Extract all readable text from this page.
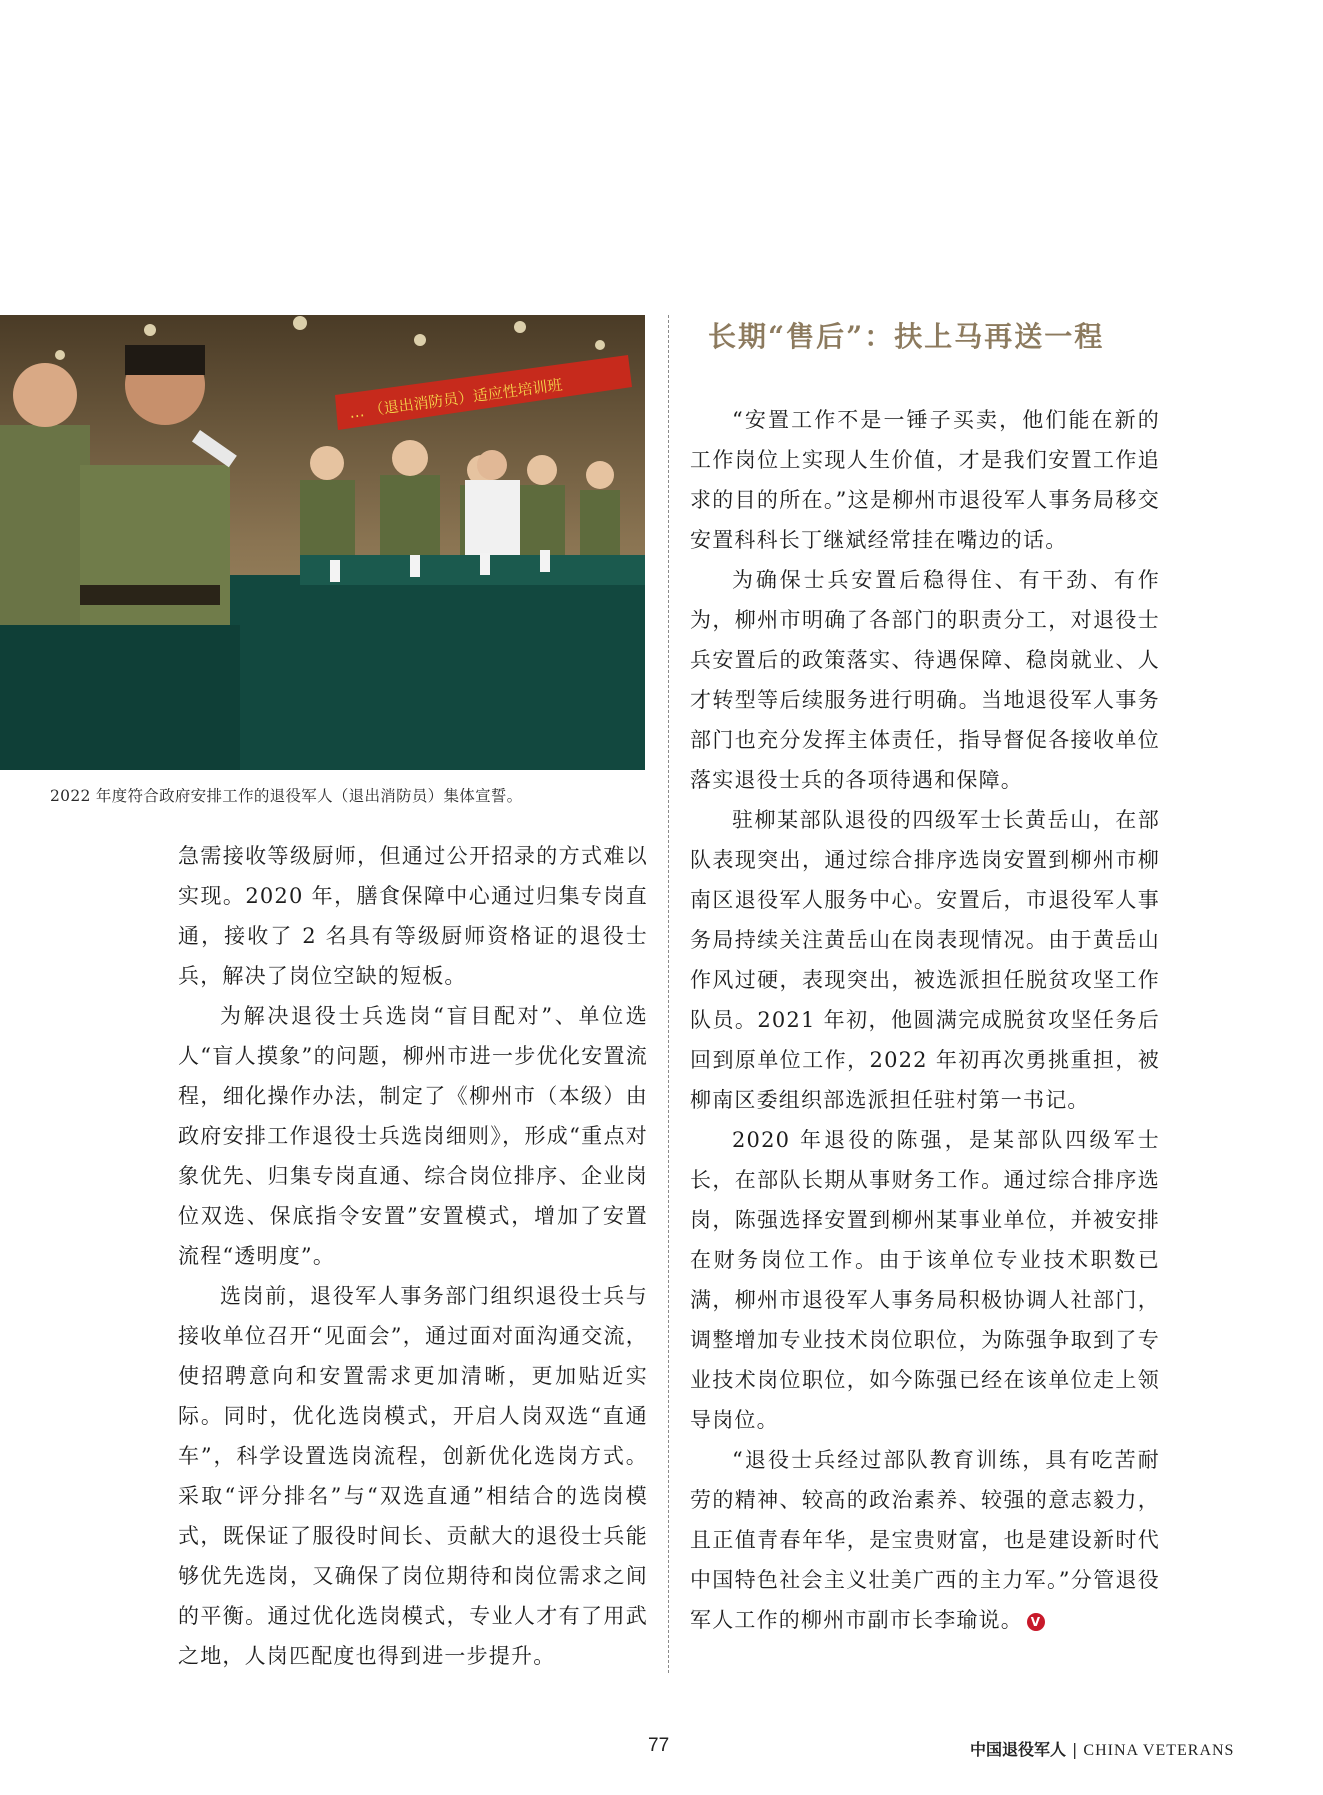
… （退出消防员）适应性培训班
2022 年度符合政府安排工作的退役军人（退出消防员）集体宣誓。

急需接收等级厨师，但通过公开招录的方式难以实现。2020 年，膳食保障中心通过归集专岗直通，接收了 2 名具有等级厨师资格证的退役士兵，解决了岗位空缺的短板。

为解决退役士兵选岗“盲目配对”、单位选人“盲人摸象”的问题，柳州市进一步优化安置流程，细化操作办法，制定了《柳州市（本级）由政府安排工作退役士兵选岗细则》，形成“重点对象优先、归集专岗直通、综合岗位排序、企业岗位双选、保底指令安置”安置模式，增加了安置流程“透明度”。

选岗前，退役军人事务部门组织退役士兵与接收单位召开“见面会”，通过面对面沟通交流，使招聘意向和安置需求更加清晰，更加贴近实际。同时，优化选岗模式，开启人岗双选“直通车”，科学设置选岗流程，创新优化选岗方式。采取“评分排名”与“双选直通”相结合的选岗模式，既保证了服役时间长、贡献大的退役士兵能够优先选岗，又确保了岗位期待和岗位需求之间的平衡。通过优化选岗模式，专业人才有了用武之地，人岗匹配度也得到进一步提升。

长期“售后”：扶上马再送一程

“安置工作不是一锤子买卖，他们能在新的工作岗位上实现人生价值，才是我们安置工作追求的目的所在。”这是柳州市退役军人事务局移交安置科科长丁继斌经常挂在嘴边的话。

为确保士兵安置后稳得住、有干劲、有作为，柳州市明确了各部门的职责分工，对退役士兵安置后的政策落实、待遇保障、稳岗就业、人才转型等后续服务进行明确。当地退役军人事务部门也充分发挥主体责任，指导督促各接收单位落实退役士兵的各项待遇和保障。

驻柳某部队退役的四级军士长黄岳山，在部队表现突出，通过综合排序选岗安置到柳州市柳南区退役军人服务中心。安置后，市退役军人事务局持续关注黄岳山在岗表现情况。由于黄岳山作风过硬，表现突出，被选派担任脱贫攻坚工作队员。2021 年初，他圆满完成脱贫攻坚任务后回到原单位工作，2022 年初再次勇挑重担，被柳南区委组织部选派担任驻村第一书记。

2020 年退役的陈强，是某部队四级军士长，在部队长期从事财务工作。通过综合排序选岗，陈强选择安置到柳州某事业单位，并被安排在财务岗位工作。由于该单位专业技术职数已满，柳州市退役军人事务局积极协调人社部门，调整增加专业技术岗位职位，为陈强争取到了专业技术岗位职位，如今陈强已经在该单位走上领导岗位。

“退役士兵经过部队教育训练，具有吃苦耐劳的精神、较高的政治素养、较强的意志毅力，且正值青春年华，是宝贵财富，也是建设新时代中国特色社会主义壮美广西的主力军。”分管退役军人工作的柳州市副市长李瑜说。 V

77	中国退役军人 | CHINA VETERANS
